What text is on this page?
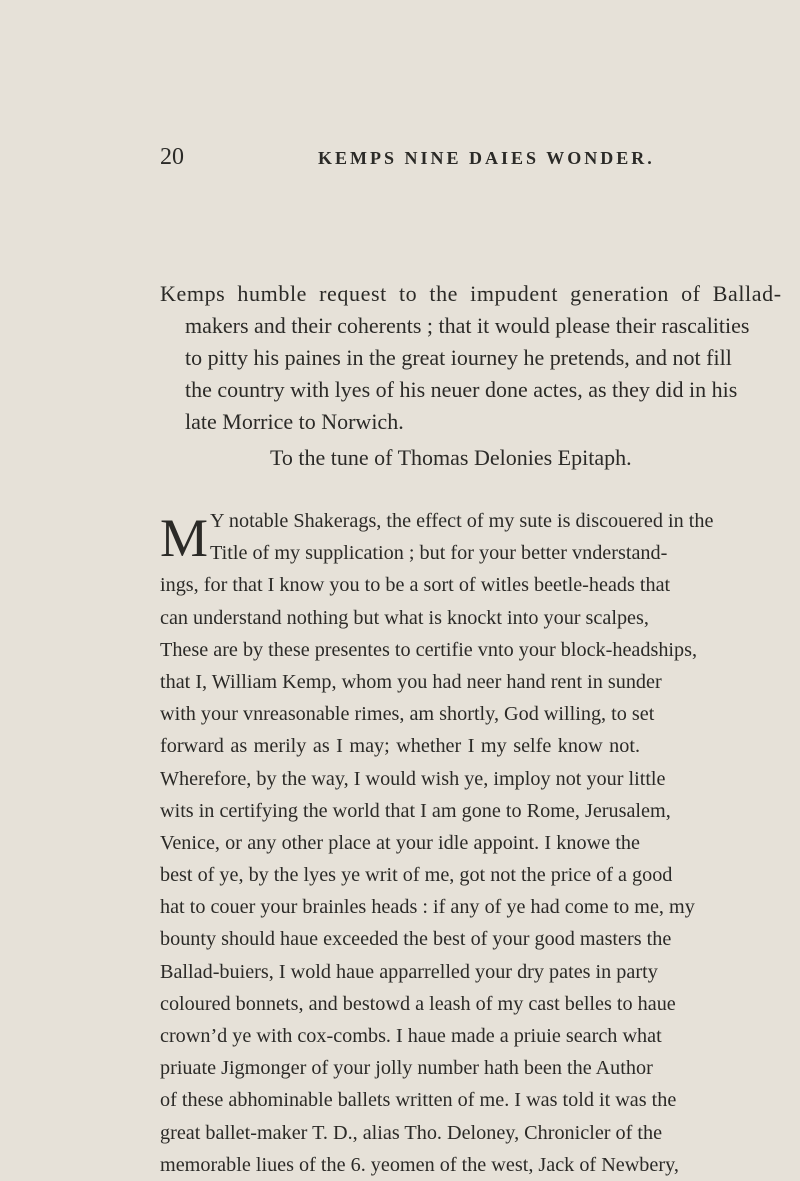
20	KEMPS NINE DAIES WONDER.
Kemps humble request to the impudent generation of Ballad-
makers and their coherents ; that it would please their rascalities
to pitty his paines in the great iourney he pretends, and not fill
the country with lyes of his neuer done actes, as they did in his
late Morrice to Norwich.
To the tune of Thomas Delonies Epitaph.
M Y notable Shakerags, the effect of my sute is discouered in the
Title of my supplication ; but for your better vnderstand-
ings, for that I know you to be a sort of witles beetle-heads that
can understand nothing but what is knockt into your scalpes,
These are by these presentes to certifie vnto your block-headships,
that I, William Kemp, whom you had neer hand rent in sunder
with your vnreasonable rimes, am shortly, God willing, to set
forward as merily as I may; whether I my selfe know not.
Wherefore, by the way, I would wish ye, imploy not your little
wits in certifying the world that I am gone to Rome, Jerusalem,
Venice, or any other place at your idle appoint. I knowe the
best of ye, by the lyes ye writ of me, got not the price of a good
hat to couer your brainles heads : if any of ye had come to me, my
bounty should haue exceeded the best of your good masters the
Ballad-buiers, I wold haue apparrelled your dry pates in party
coloured bonnets, and bestowd a leash of my cast belles to haue
crown’d ye with cox-combs. I haue made a priuie search what
priuate Jigmonger of your jolly number hath been the Author
of these abhominable ballets written of me. I was told it was the
great ballet-maker T. D., alias Tho. Deloney, Chronicler of the
memorable liues of the 6. yeomen of the west, Jack of Newbery,
